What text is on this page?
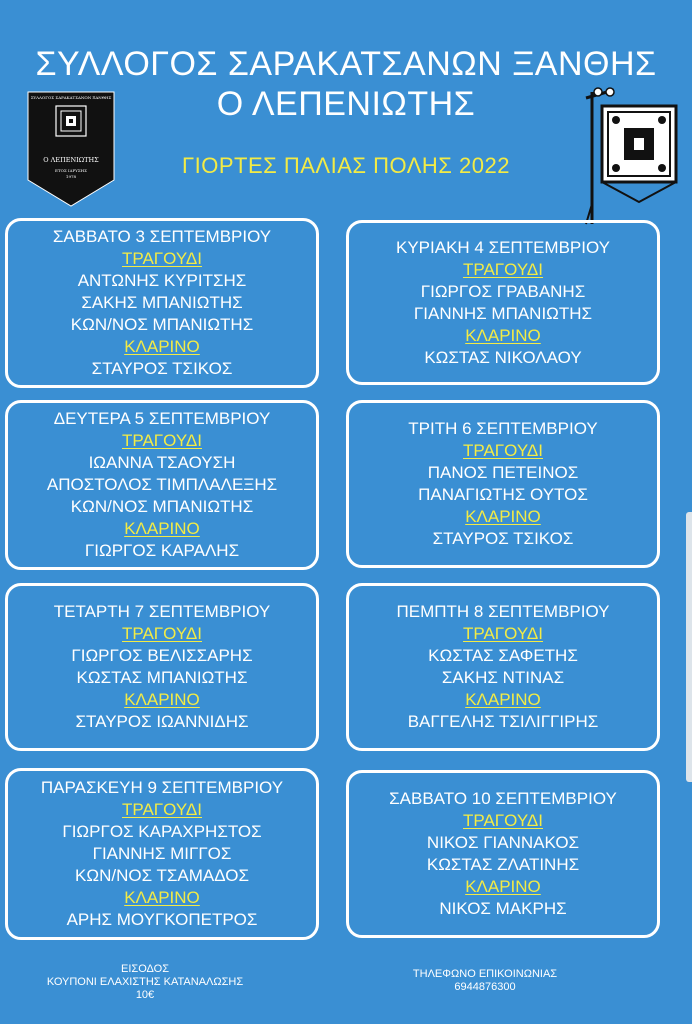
ΣΥΛΛΟΓΟΣ ΣΑΡΑΚΑΤΣΑΝΩΝ ΞΑΝΘΗΣ
Ο ΛΕΠΕΝΙΩΤΗΣ
ΓΙΟΡΤΕΣ ΠΑΛΙΑΣ ΠΟΛΗΣ 2022
ΣΥΛΛΟΓΟΣ ΣΑΡΑΚΑΤΣΑΝΩΝ ΞΑΝΘΗΣ
Ο ΛΕΠΕΝΙΩΤΗΣ
ΕΤΟΣ ΙΔΡΥΣΗΣ
1978
ΣΑΒΒΑΤΟ 3 ΣΕΠΤΕΜΒΡΙΟΥ
ΤΡΑΓΟΥΔΙ
ΑΝΤΩΝΗΣ ΚΥΡΙΤΣΗΣ
ΣΑΚΗΣ ΜΠΑΝΙΩΤΗΣ
ΚΩΝ/ΝΟΣ ΜΠΑΝΙΩΤΗΣ
ΚΛΑΡΙΝΟ
ΣΤΑΥΡΟΣ ΤΣΙΚΟΣ
ΚΥΡΙΑΚΗ 4 ΣΕΠΤΕΜΒΡΙΟΥ
ΤΡΑΓΟΥΔΙ
ΓΙΩΡΓΟΣ ΓΡΑΒΑΝΗΣ
ΓΙΑΝΝΗΣ ΜΠΑΝΙΩΤΗΣ
ΚΛΑΡΙΝΟ
ΚΩΣΤΑΣ ΝΙΚΟΛΑΟΥ
ΔΕΥΤΕΡΑ 5 ΣΕΠΤΕΜΒΡΙΟΥ
ΤΡΑΓΟΥΔΙ
ΙΩΑΝΝΑ ΤΣΑΟΥΣΗ
ΑΠΟΣΤΟΛΟΣ ΤΙΜΠΛΑΛΕΞΗΣ
ΚΩΝ/ΝΟΣ ΜΠΑΝΙΩΤΗΣ
ΚΛΑΡΙΝΟ
ΓΙΩΡΓΟΣ ΚΑΡΑΛΗΣ
ΤΡΙΤΗ 6 ΣΕΠΤΕΜΒΡΙΟΥ
ΤΡΑΓΟΥΔΙ
ΠΑΝΟΣ ΠΕΤΕΙΝΟΣ
ΠΑΝΑΓΙΩΤΗΣ ΟΥΤΟΣ
ΚΛΑΡΙΝΟ
ΣΤΑΥΡΟΣ ΤΣΙΚΟΣ
ΤΕΤΑΡΤΗ 7 ΣΕΠΤΕΜΒΡΙΟΥ
ΤΡΑΓΟΥΔΙ
ΓΙΩΡΓΟΣ ΒΕΛΙΣΣΑΡΗΣ
ΚΩΣΤΑΣ ΜΠΑΝΙΩΤΗΣ
ΚΛΑΡΙΝΟ
ΣΤΑΥΡΟΣ ΙΩΑΝΝΙΔΗΣ
ΠΕΜΠΤΗ 8 ΣΕΠΤΕΜΒΡΙΟΥ
ΤΡΑΓΟΥΔΙ
ΚΩΣΤΑΣ ΣΑΦΕΤΗΣ
ΣΑΚΗΣ ΝΤΙΝΑΣ
ΚΛΑΡΙΝΟ
ΒΑΓΓΕΛΗΣ ΤΣΙΛΙΓΓΙΡΗΣ
ΠΑΡΑΣΚΕΥΗ 9 ΣΕΠΤΕΜΒΡΙΟΥ
ΤΡΑΓΟΥΔΙ
ΓΙΩΡΓΟΣ ΚΑΡΑΧΡΗΣΤΟΣ
ΓΙΑΝΝΗΣ ΜΙΓΓΟΣ
ΚΩΝ/ΝΟΣ ΤΣΑΜΑΔΟΣ
ΚΛΑΡΙΝΟ
ΑΡΗΣ ΜΟΥΓΚΟΠΕΤΡΟΣ
ΣΑΒΒΑΤΟ 10 ΣΕΠΤΕΜΒΡΙΟΥ
ΤΡΑΓΟΥΔΙ
ΝΙΚΟΣ ΓΙΑΝΝΑΚΟΣ
ΚΩΣΤΑΣ ΖΛΑΤΙΝΗΣ
ΚΛΑΡΙΝΟ
ΝΙΚΟΣ ΜΑΚΡΗΣ
ΕΙΣΟΔΟΣ
ΚΟΥΠΟΝΙ ΕΛΑΧΙΣΤΗΣ ΚΑΤΑΝΑΛΩΣΗΣ
10€
ΤΗΛΕΦΩΝΟ ΕΠΙΚΟΙΝΩΝΙΑΣ
6944876300
